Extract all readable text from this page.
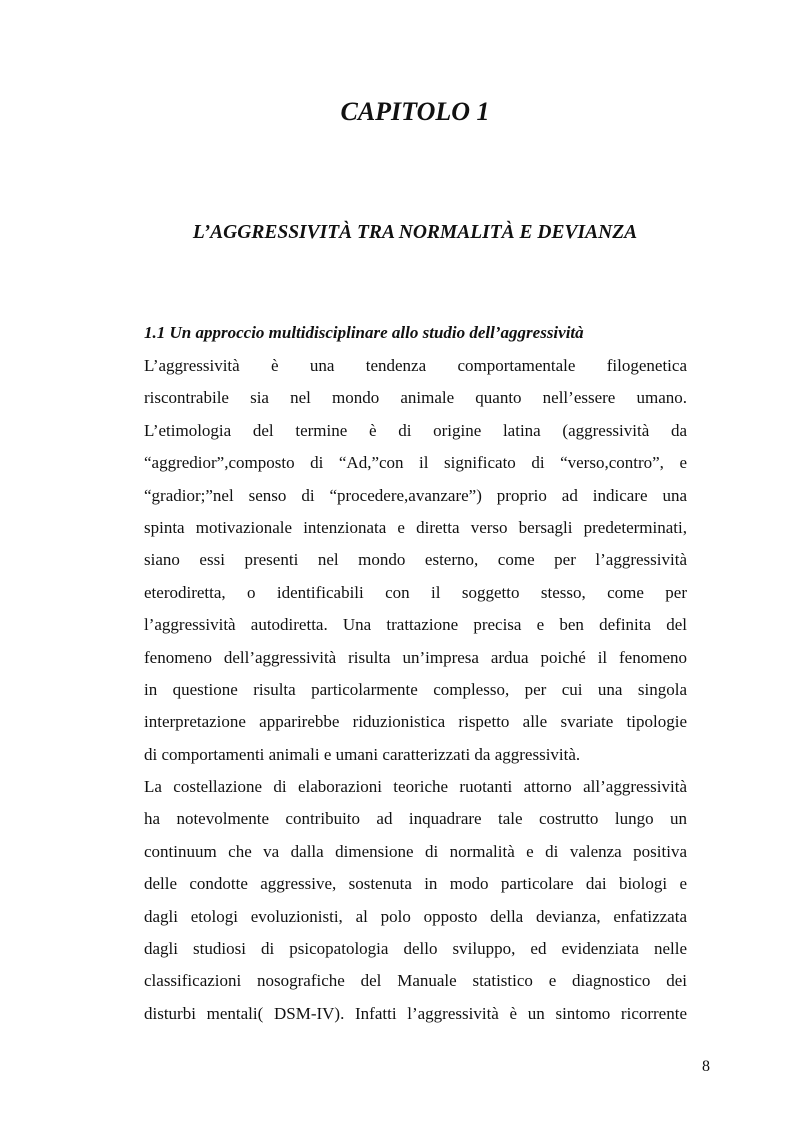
CAPITOLO 1
L’AGGRESSIVITÀ TRA NORMALITÀ E DEVIANZA
1.1 Un approccio multidisciplinare allo studio dell’aggressività
L’aggressività è una tendenza comportamentale filogenetica
riscontrabile sia nel mondo animale quanto nell’essere umano.
L’etimologia del termine è di origine latina (aggressività da
“aggredior”,composto di “Ad,”con il significato di “verso,contro”, e
“gradior;”nel senso di “procedere,avanzare”) proprio ad indicare una
spinta motivazionale intenzionata e diretta verso bersagli predeterminati,
siano essi presenti nel mondo esterno, come per l’aggressività
eterodiretta, o identificabili con il soggetto stesso, come per
l’aggressività autodiretta. Una trattazione precisa e ben definita del
fenomeno dell’aggressività risulta un’impresa ardua poiché il fenomeno
in questione risulta particolarmente complesso, per cui una singola
interpretazione apparirebbe riduzionistica rispetto alle svariate tipologie
di comportamenti animali e umani caratterizzati da aggressività.
La costellazione di elaborazioni teoriche ruotanti attorno all’aggressività
ha notevolmente contribuito ad inquadrare tale costrutto lungo un
continuum che va dalla dimensione di normalità e di valenza positiva
delle condotte aggressive, sostenuta in modo particolare dai biologi e
dagli etologi evoluzionisti, al polo opposto della devianza, enfatizzata
dagli studiosi di psicopatologia dello sviluppo, ed evidenziata nelle
classificazioni nosografiche del Manuale statistico e diagnostico dei
disturbi mentali( DSM-IV). Infatti l’aggressività è un sintomo ricorrente
8
